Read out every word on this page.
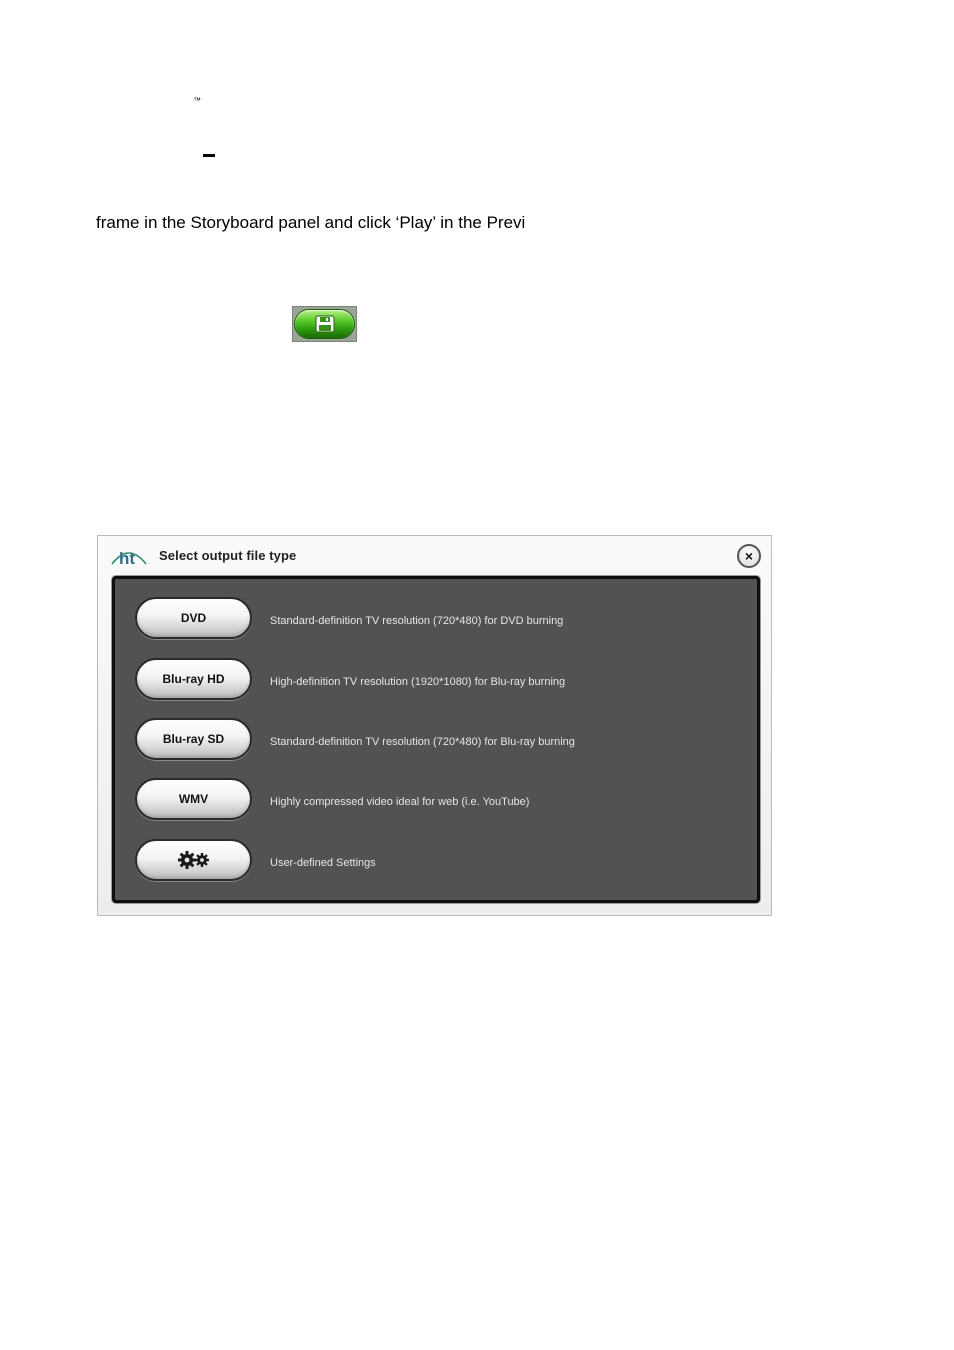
™
frame in the Storyboard panel and click ‘Play’ in the Previ
ht Select output file type	×
DVD	Standard-definition TV resolution (720*480) for DVD burning
Blu-ray HD	High-definition TV resolution (1920*1080) for Blu-ray burning
Blu-ray SD	Standard-definition TV resolution (720*480) for Blu-ray burning
WMV	Highly compressed video ideal for web (i.e. YouTube)
User-defined Settings
